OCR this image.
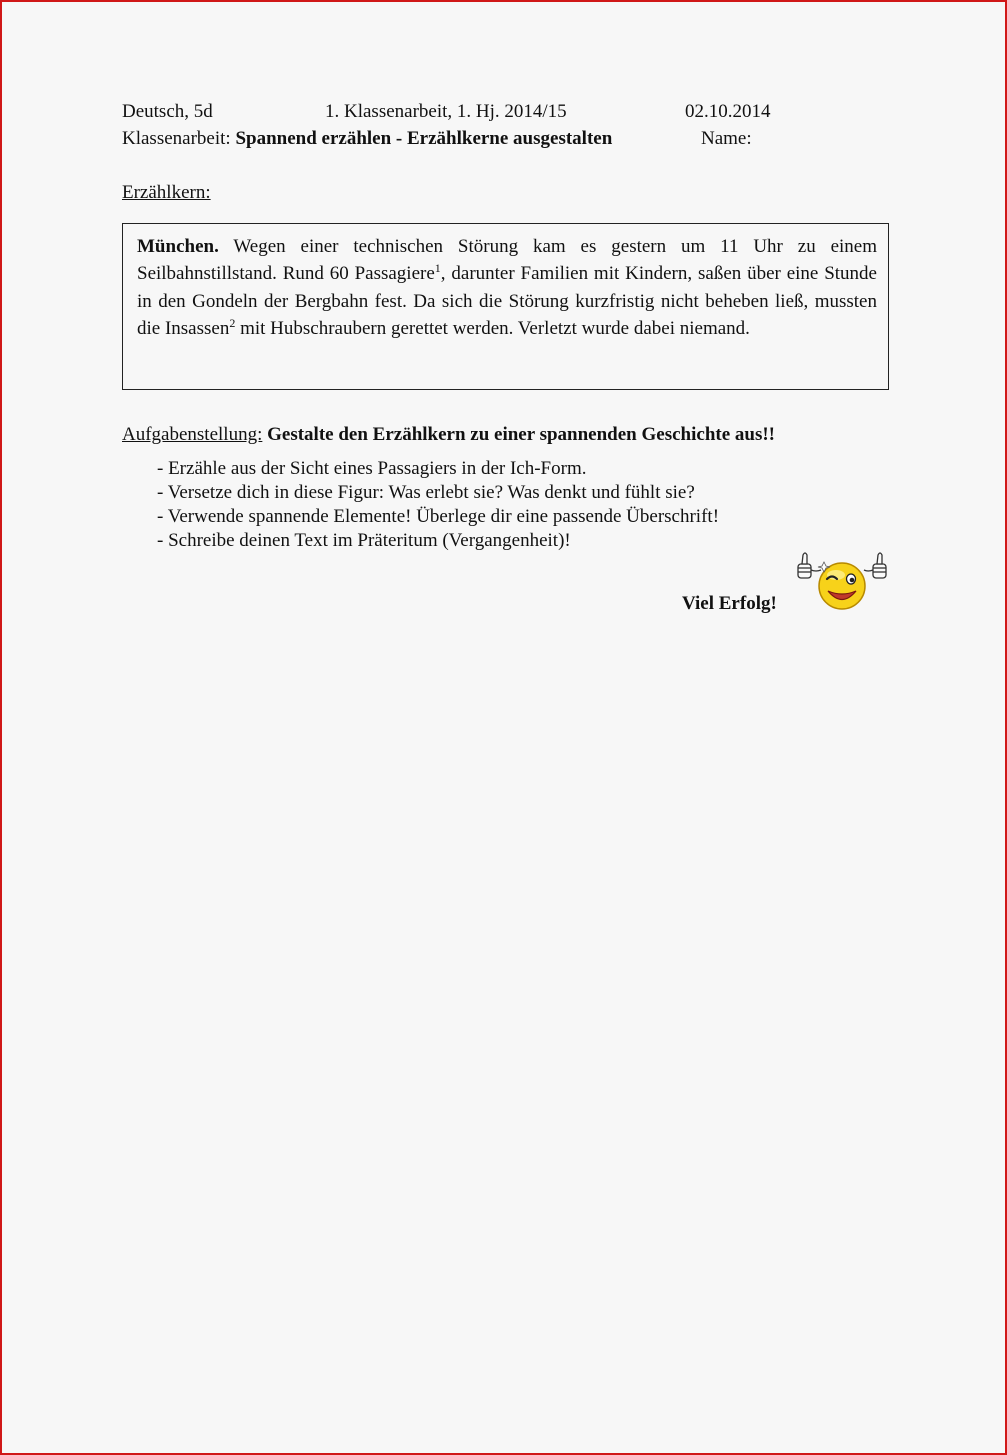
Deutsch, 5d	1. Klassenarbeit, 1. Hj. 2014/15	02.10.2014
Klassenarbeit: Spannend erzählen - Erzählkerne ausgestalten	Name:
Erzählkern:

München. Wegen einer technischen Störung kam es gestern um 11 Uhr zu einem Seilbahnstillstand. Rund 60 Passagiere$^1$, darunter Familien mit Kindern, saßen über eine Stunde in den Gondeln der Bergbahn fest. Da sich die Störung kurzfristig nicht beheben ließ, mussten die Insassen$^2$ mit Hubschraubern gerettet werden. Verletzt wurde dabei niemand.

Aufgabenstellung: Gestalte den Erzählkern zu einer spannenden Geschichte aus!!
- Erzähle aus der Sicht eines Passagiers in der Ich-Form.
- Versetze dich in diese Figur: Was erlebt sie? Was denkt und fühlt sie?
- Verwende spannende Elemente! Überlege dir eine passende Überschrift!
- Schreibe deinen Text im Präteritum (Vergangenheit)!
Viel Erfolg!
